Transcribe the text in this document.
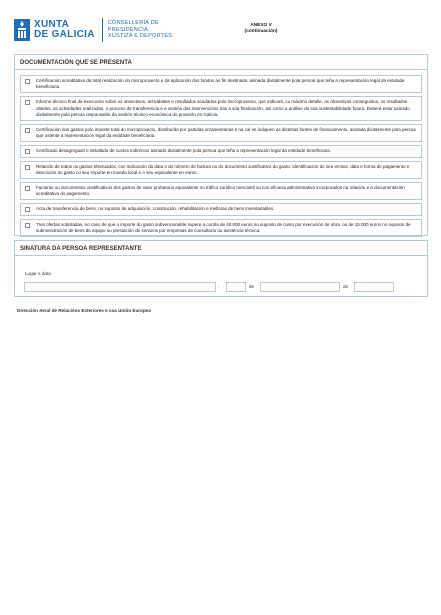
XUNTA
DE GALICIA
CONSELLERÍA DE
PRESIDENCIA,
XUSTIZA E DEPORTES
ANEXO V
(continuación)
DOCUMENTACIÓN QUE SE PRESENTA
Certificación acreditativa da total realización do microproxecto e da aplicación dos fondos ao fin destinado, asinada dixitalmente pola persoa que teña a representación legal da entidade beneficiaria.
Informe técnico final de execución sobre os obxectivos, actividades e resultados acadados polo microproxecto, que indicará, co máximo detalle, os obxectivos conseguidos, os resultados obtidos, as actividades realizadas, o proceso de transferencia e a xestión das intervencións tras a súa finalización, así como a análise da súa sustentabilidade futura. Deberá estar asinado dixitalmente pola persoa responsable da xestión técnico-económica do proxecto en Galicia.
Certificación dos gastos polo importe total do microproxecto, distribuída por partidas orzamentarias e na cal se indiquen as distintas fontes de financiamento, asinada dixitalmente pola persoa que ostente a representación legal da entidade beneficiaria.
Certificado desagregado e detallado de custos indirectos asinado dixitalmente pola persoa que teña a representación legal da entidade beneficiaria.
Relación de todos os gastos efectuados, con indicación da data e do número de factura ou do documento xustificativo do gasto, identificación do seu emisor, data e forma de pagamento e descrición do gasto co seu importe en moeda local e o seu equivalente en euros.
Facturas ou documentos xustificativos dos gastos de valor probatorio equivalente no tráfico xurídico mercantil ou con eficacia administrativa incorporados na relación e a documentación acreditativa do pagamento.
Acta de transferencia de bens, no suposto de adquisición, construción, rehabilitación e melloras de bens inventariables.
Tres ofertas solicitadas, no caso de que o importe do gasto subvencionable supere a contía de 40.000 euros no suposto de custo por execución de obra, ou de 15.000 euros no suposto de subministración de bens de equipo ou prestación de servizos por empresas de consultaría ou asistencia técnica.
SINATURA DA PERSOA REPRESENTANTE
Lugar e data
,	de	de
Dirección Xeral de Relacións Exteriores e coa Unión Europea
